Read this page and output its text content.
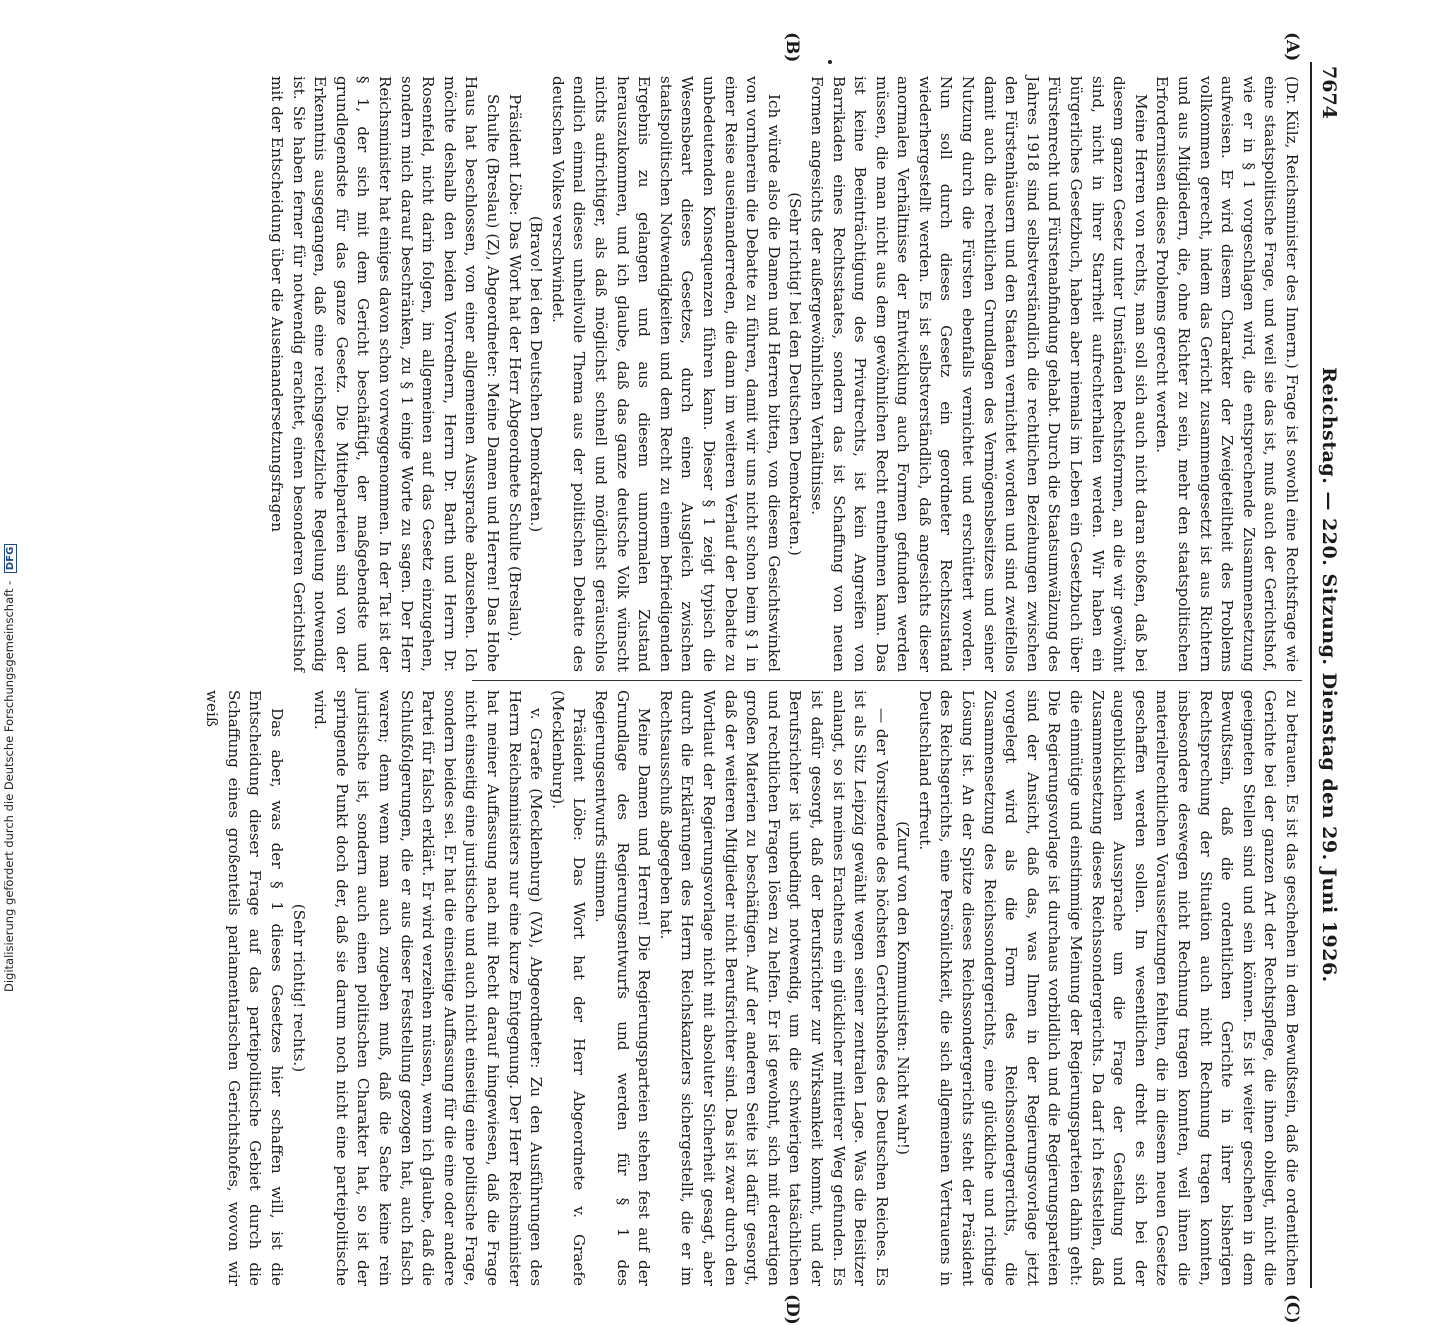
7674
Reichstag. — 220. Sitzung. Dienstag den 29. Juni 1926.
(A)
(B)
(C)
(D)

(Dr. Külz, Reichsminister des Innern.) Frage ist sowohl eine Rechtsfrage wie eine staatspolitische Frage, und weil sie das ist, muß auch der Gerichtshof, wie er in § 1 vorgeschlagen wird, die entsprechende Zusammensetzung aufweisen. Er wird diesem Charakter der Zweigeteiltheit des Problems vollkommen gerecht, indem das Gericht zusammengesetzt ist aus Richtern und aus Mitgliedern, die, ohne Richter zu sein, mehr den staatspolitischen Erfordernissen dieses Problems gerecht werden.

Meine Herren von rechts, man soll sich auch nicht daran stoßen, daß bei diesem ganzen Gesetz unter Umständen Rechtsformen, an die wir gewöhnt sind, nicht in ihrer Starrheit aufrechterhalten werden. Wir haben ein bürgerliches Gesetzbuch, haben aber niemals im Leben ein Gesetzbuch über Fürstenrecht und Fürstenabfindung gehabt. Durch die Staatsumwälzung des Jahres 1918 sind selbstverständlich die rechtlichen Beziehungen zwischen den Fürstenhäusern und den Staaten vernichtet worden und sind zweifellos damit auch die rechtlichen Grundlagen des Vermögensbesitzes und seiner Nutzung durch die Fürsten ebenfalls vernichtet und erschüttert worden. Nun soll durch dieses Gesetz ein geordneter Rechtszustand wiederhergestellt werden. Es ist selbstverständlich, daß angesichts dieser anormalen Verhältnisse der Entwicklung auch Formen gefunden werden müssen, die man nicht aus dem gewöhnlichen Recht entnehmen kann. Das ist keine Beeinträchtigung des Privatrechts, ist kein Angreifen von Barrikaden eines Rechtsstaates, sondern das ist Schaffung von neuen Formen angesichts der außergewöhnlichen Verhältnisse.

(Sehr richtig! bei den Deutschen Demokraten.)

Ich würde also die Damen und Herren bitten, von diesem Gesichtswinkel von vornherein die Debatte zu führen, damit wir uns nicht schon beim § 1 in einer Reise auseinanderreden, die dann im weiteren Verlauf der Debatte zu unbedeutenden Konsequenzen führen kann. Dieser § 1 zeigt typisch die Wesensbeart dieses Gesetzes, durch einen Ausgleich zwischen staatspolitischen Notwendigkeiten und dem Recht zu einem befriedigenden Ergebnis zu gelangen und aus diesem unnormalen Zustand herauszukommen, und ich glaube, daß das ganze deutsche Volk wünscht nichts aufrichtiger, als daß möglichst schnell und möglichst geräuschlos endlich einmal dieses unheilvolle Thema aus der politischen Debatte des deutschen Volkes verschwindet.

(Bravo! bei den Deutschen Demokraten.)

Präsident Löbe: Das Wort hat der Herr Abgeordnete Schulte (Breslau).

Schulte (Breslau) (Z), Abgeordneter: Meine Damen und Herren! Das Hohe Haus hat beschlossen, von einer allgemeinen Aussprache abzusehen. Ich möchte deshalb den beiden Vorrednern, Herrn Dr. Barth und Herrn Dr. Rosenfeld, nicht darin folgen, im allgemeinen auf das Gesetz einzugehen, sondern mich darauf beschränken, zu § 1 einige Worte zu sagen. Der Herr Reichsminister hat einiges davon schon vorweggenommen. In der Tat ist der § 1, der sich mit dem Gericht beschäftigt, der maßgebendste und grundlegendste für das ganze Gesetz. Die Mittelparteien sind von der Erkenntnis ausgegangen, daß eine reichsgesetzliche Regelung notwendig ist. Sie haben ferner für notwendig erachtet, einen besonderen Gerichtshof mit der Entscheidung über die Auseinandersetzungsfragen

zu betrauen. Es ist das geschehen in dem Bewußtsein, daß die ordentlichen Gerichte bei der ganzen Art der Rechtspflege, die ihnen obliegt, nicht die geeigneten Stellen sind und sein können. Es ist weiter geschehen in dem Bewußtsein, daß die ordentlichen Gerichte in ihrer bisherigen Rechtsprechung der Situation auch nicht Rechnung tragen konnten, insbesondere deswegen nicht Rechnung tragen konnten, weil ihnen die materiellrechtlichen Voraussetzungen fehlten, die in diesem neuen Gesetze geschaffen werden sollen. Im wesentlichen dreht es sich bei der augenblicklichen Aussprache um die Frage der Gestaltung und Zusammensetzung dieses Reichssondergerichts. Da darf ich feststellen, daß die einmütige und einstimmige Meinung der Regierungsparteien dahin geht: Die Regierungsvorlage ist durchaus vorbildlich und die Regierungsparteien sind der Ansicht, daß das, was Ihnen in der Regierungsvorlage jetzt vorgelegt wird als die Form des Reichssondergerichts, die Zusammensetzung des Reichssondergerichts, eine glückliche und richtige Lösung ist. An der Spitze dieses Reichssondergerichts steht der Präsident des Reichsgerichts, eine Persönlichkeit, die sich allgemeinen Vertrauens in Deutschland erfreut.

(Zuruf von den Kommunisten: Nicht wahr!)

— der Vorsitzende des höchsten Gerichtshofes des Deutschen Reiches. Es ist als Sitz Leipzig gewählt wegen seiner zentralen Lage. Was die Beisitzer anlangt, so ist meines Erachtens ein glücklicher mittlerer Weg gefunden. Es ist dafür gesorgt, daß der Berufsrichter zur Wirksamkeit kommt, und der Berufsrichter ist unbedingt notwendig, um die schwierigen tatsächlichen und rechtlichen Fragen lösen zu helfen. Er ist gewohnt, sich mit derartigen großen Materien zu beschäftigen. Auf der anderen Seite ist dafür gesorgt, daß der weiteren Mitglieder nicht Berufsrichter sind. Das ist zwar durch den Wortlaut der Regierungsvorlage nicht mit absoluter Sicherheit gesagt, aber durch die Erklärungen des Herrn Reichskanzlers sichergestellt, die er im Rechtsausschuß abgegeben hat.

Meine Damen und Herren! Die Regierungsparteien stehen fest auf der Grundlage des Regierungsentwurfs und werden für § 1 des Regierungsentwurfs stimmen.

Präsident Löbe: Das Wort hat der Herr Abgeordnete v. Graefe (Mecklenburg).

v. Graefe (Mecklenburg) (VA), Abgeordneter: Zu den Ausführungen des Herrn Reichsministers nur eine kurze Entgegnung. Der Herr Reichsminister hat meiner Auffassung nach mit Recht darauf hingewiesen, daß die Frage nicht einseitig eine juristische und auch nicht einseitig eine politische Frage, sondern beides sei. Er hat die einseitige Auffassung für die eine oder andere Partei für falsch erklärt. Er wird verzeihen müssen, wenn ich glaube, daß die Schlußfolgerungen, die er aus dieser Feststellung gezogen hat, auch falsch waren; denn wenn man auch zugeben muß, daß die Sache keine rein juristische ist, sondern auch einen politischen Charakter hat, so ist der springende Punkt doch der, daß sie darum noch nicht eine parteipolitische wird.

(Sehr richtig! rechts.)

Das aber, was der § 1 dieses Gesetzes hier schaffen will, ist die Entscheidung dieser Frage auf das parteipolitische Gebiet durch die Schaffung eines großenteils parlamentarischen Gerichtshofes, wovon wir weiß

Digitalisierung gefördert durch die Deutsche Forschungsgemeinschaft - DFG
